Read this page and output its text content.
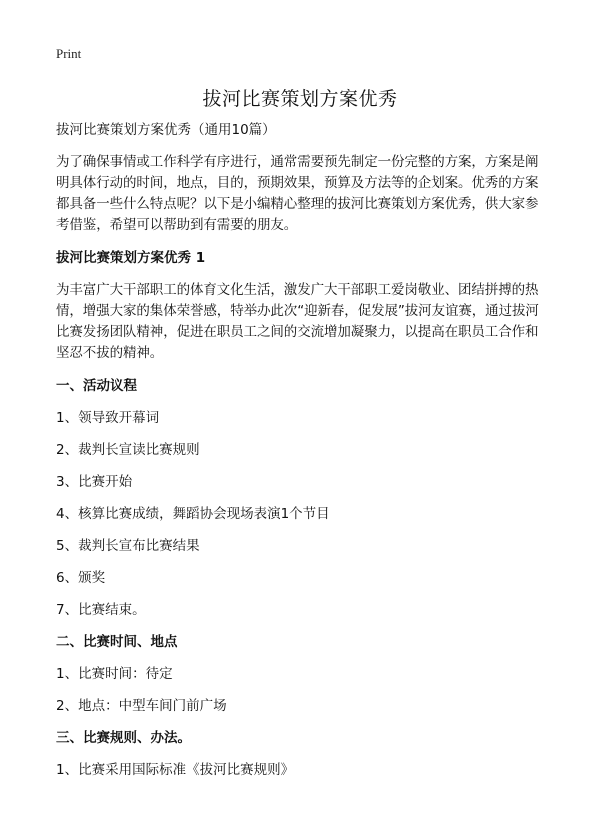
Print
拔河比赛策划方案优秀

拔河比赛策划方案优秀（通用10篇）

为了确保事情或工作科学有序进行，通常需要预先制定一份完整的方案，方案是阐明具体行动的时间，地点，目的，预期效果，预算及方法等的企划案。优秀的方案都具备一些什么特点呢？以下是小编精心整理的拔河比赛策划方案优秀，供大家参考借鉴，希望可以帮助到有需要的朋友。

拔河比赛策划方案优秀 1

为丰富广大干部职工的体育文化生活，激发广大干部职工爱岗敬业、团结拼搏的热情，增强大家的集体荣誉感，特举办此次“迎新春，促发展”拔河友谊赛，通过拔河比赛发扬团队精神，促进在职员工之间的交流增加凝聚力，以提高在职员工合作和坚忍不拔的精神。

一、活动议程

1、领导致开幕词

2、裁判长宣读比赛规则

3、比赛开始

4、核算比赛成绩，舞蹈协会现场表演1个节目

5、裁判长宣布比赛结果

6、颁奖

7、比赛结束。

二、比赛时间、地点

1、比赛时间：待定

2、地点：中型车间门前广场

三、比赛规则、办法。

1、比赛采用国际标准《拔河比赛规则》
